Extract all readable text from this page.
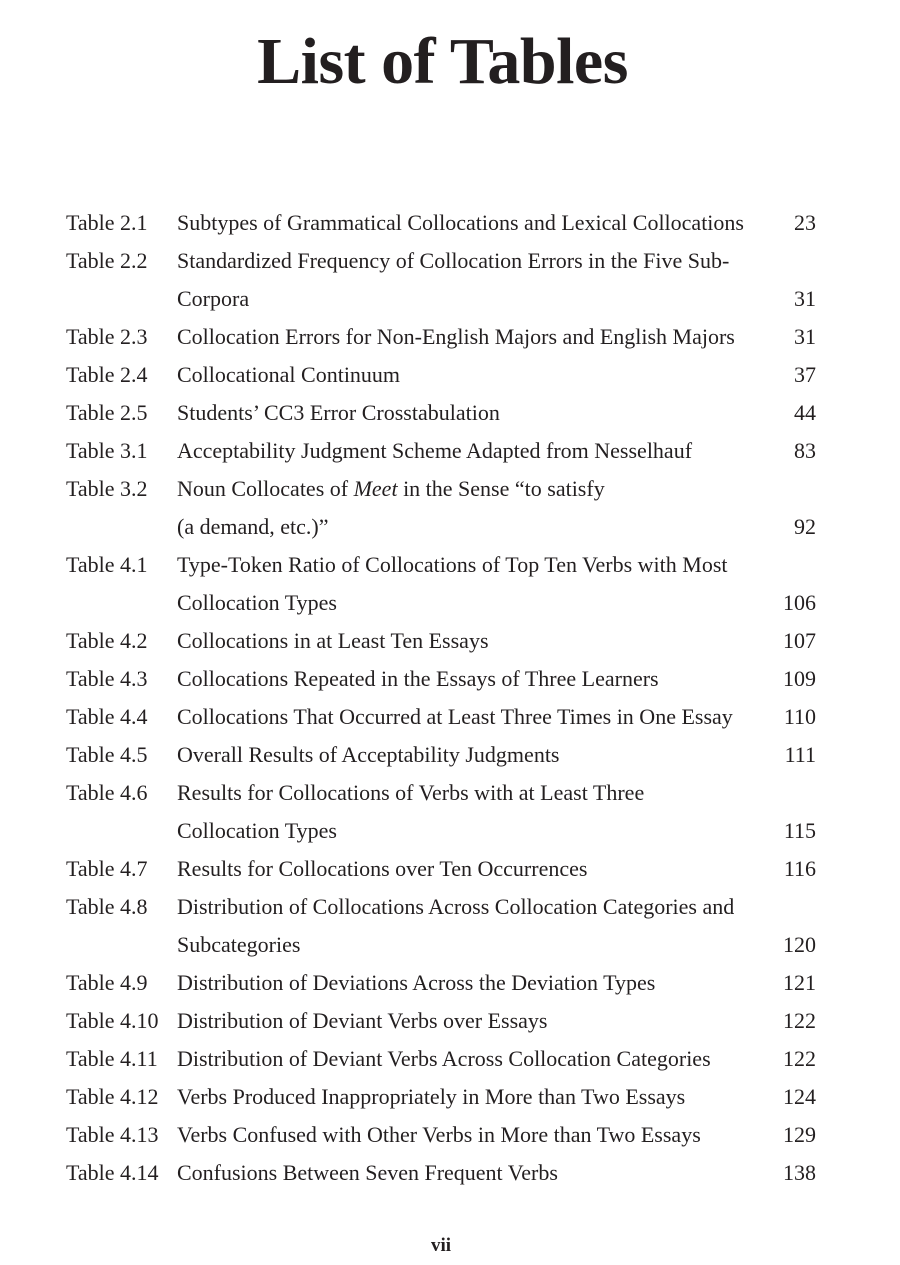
List of Tables
Table 2.1	Subtypes of Grammatical Collocations and Lexical Collocations	23
Table 2.2	Standardized Frequency of Collocation Errors in the Five Sub-
Corpora	31
Table 2.3	Collocation Errors for Non-English Majors and English Majors	31
Table 2.4	Collocational Continuum	37
Table 2.5	Students’ CC3 Error Crosstabulation	44
Table 3.1	Acceptability Judgment Scheme Adapted from Nesselhauf	83
Table 3.2	Noun Collocates of Meet in the Sense “to satisfy
(a demand, etc.)”	92
Table 4.1	Type-Token Ratio of Collocations of Top Ten Verbs with Most
Collocation Types	106
Table 4.2	Collocations in at Least Ten Essays	107
Table 4.3	Collocations Repeated in the Essays of Three Learners	109
Table 4.4	Collocations That Occurred at Least Three Times in One Essay	110
Table 4.5	Overall Results of Acceptability Judgments	111
Table 4.6	Results for Collocations of Verbs with at Least Three
Collocation Types	115
Table 4.7	Results for Collocations over Ten Occurrences	116
Table 4.8	Distribution of Collocations Across Collocation Categories and
Subcategories	120
Table 4.9	Distribution of Deviations Across the Deviation Types	121
Table 4.10 Distribution of Deviant Verbs over Essays	122
Table 4.11 Distribution of Deviant Verbs Across Collocation Categories	122
Table 4.12 Verbs Produced Inappropriately in More than Two Essays	124
Table 4.13 Verbs Confused with Other Verbs in More than Two Essays	129
Table 4.14 Confusions Between Seven Frequent Verbs	138
vii
